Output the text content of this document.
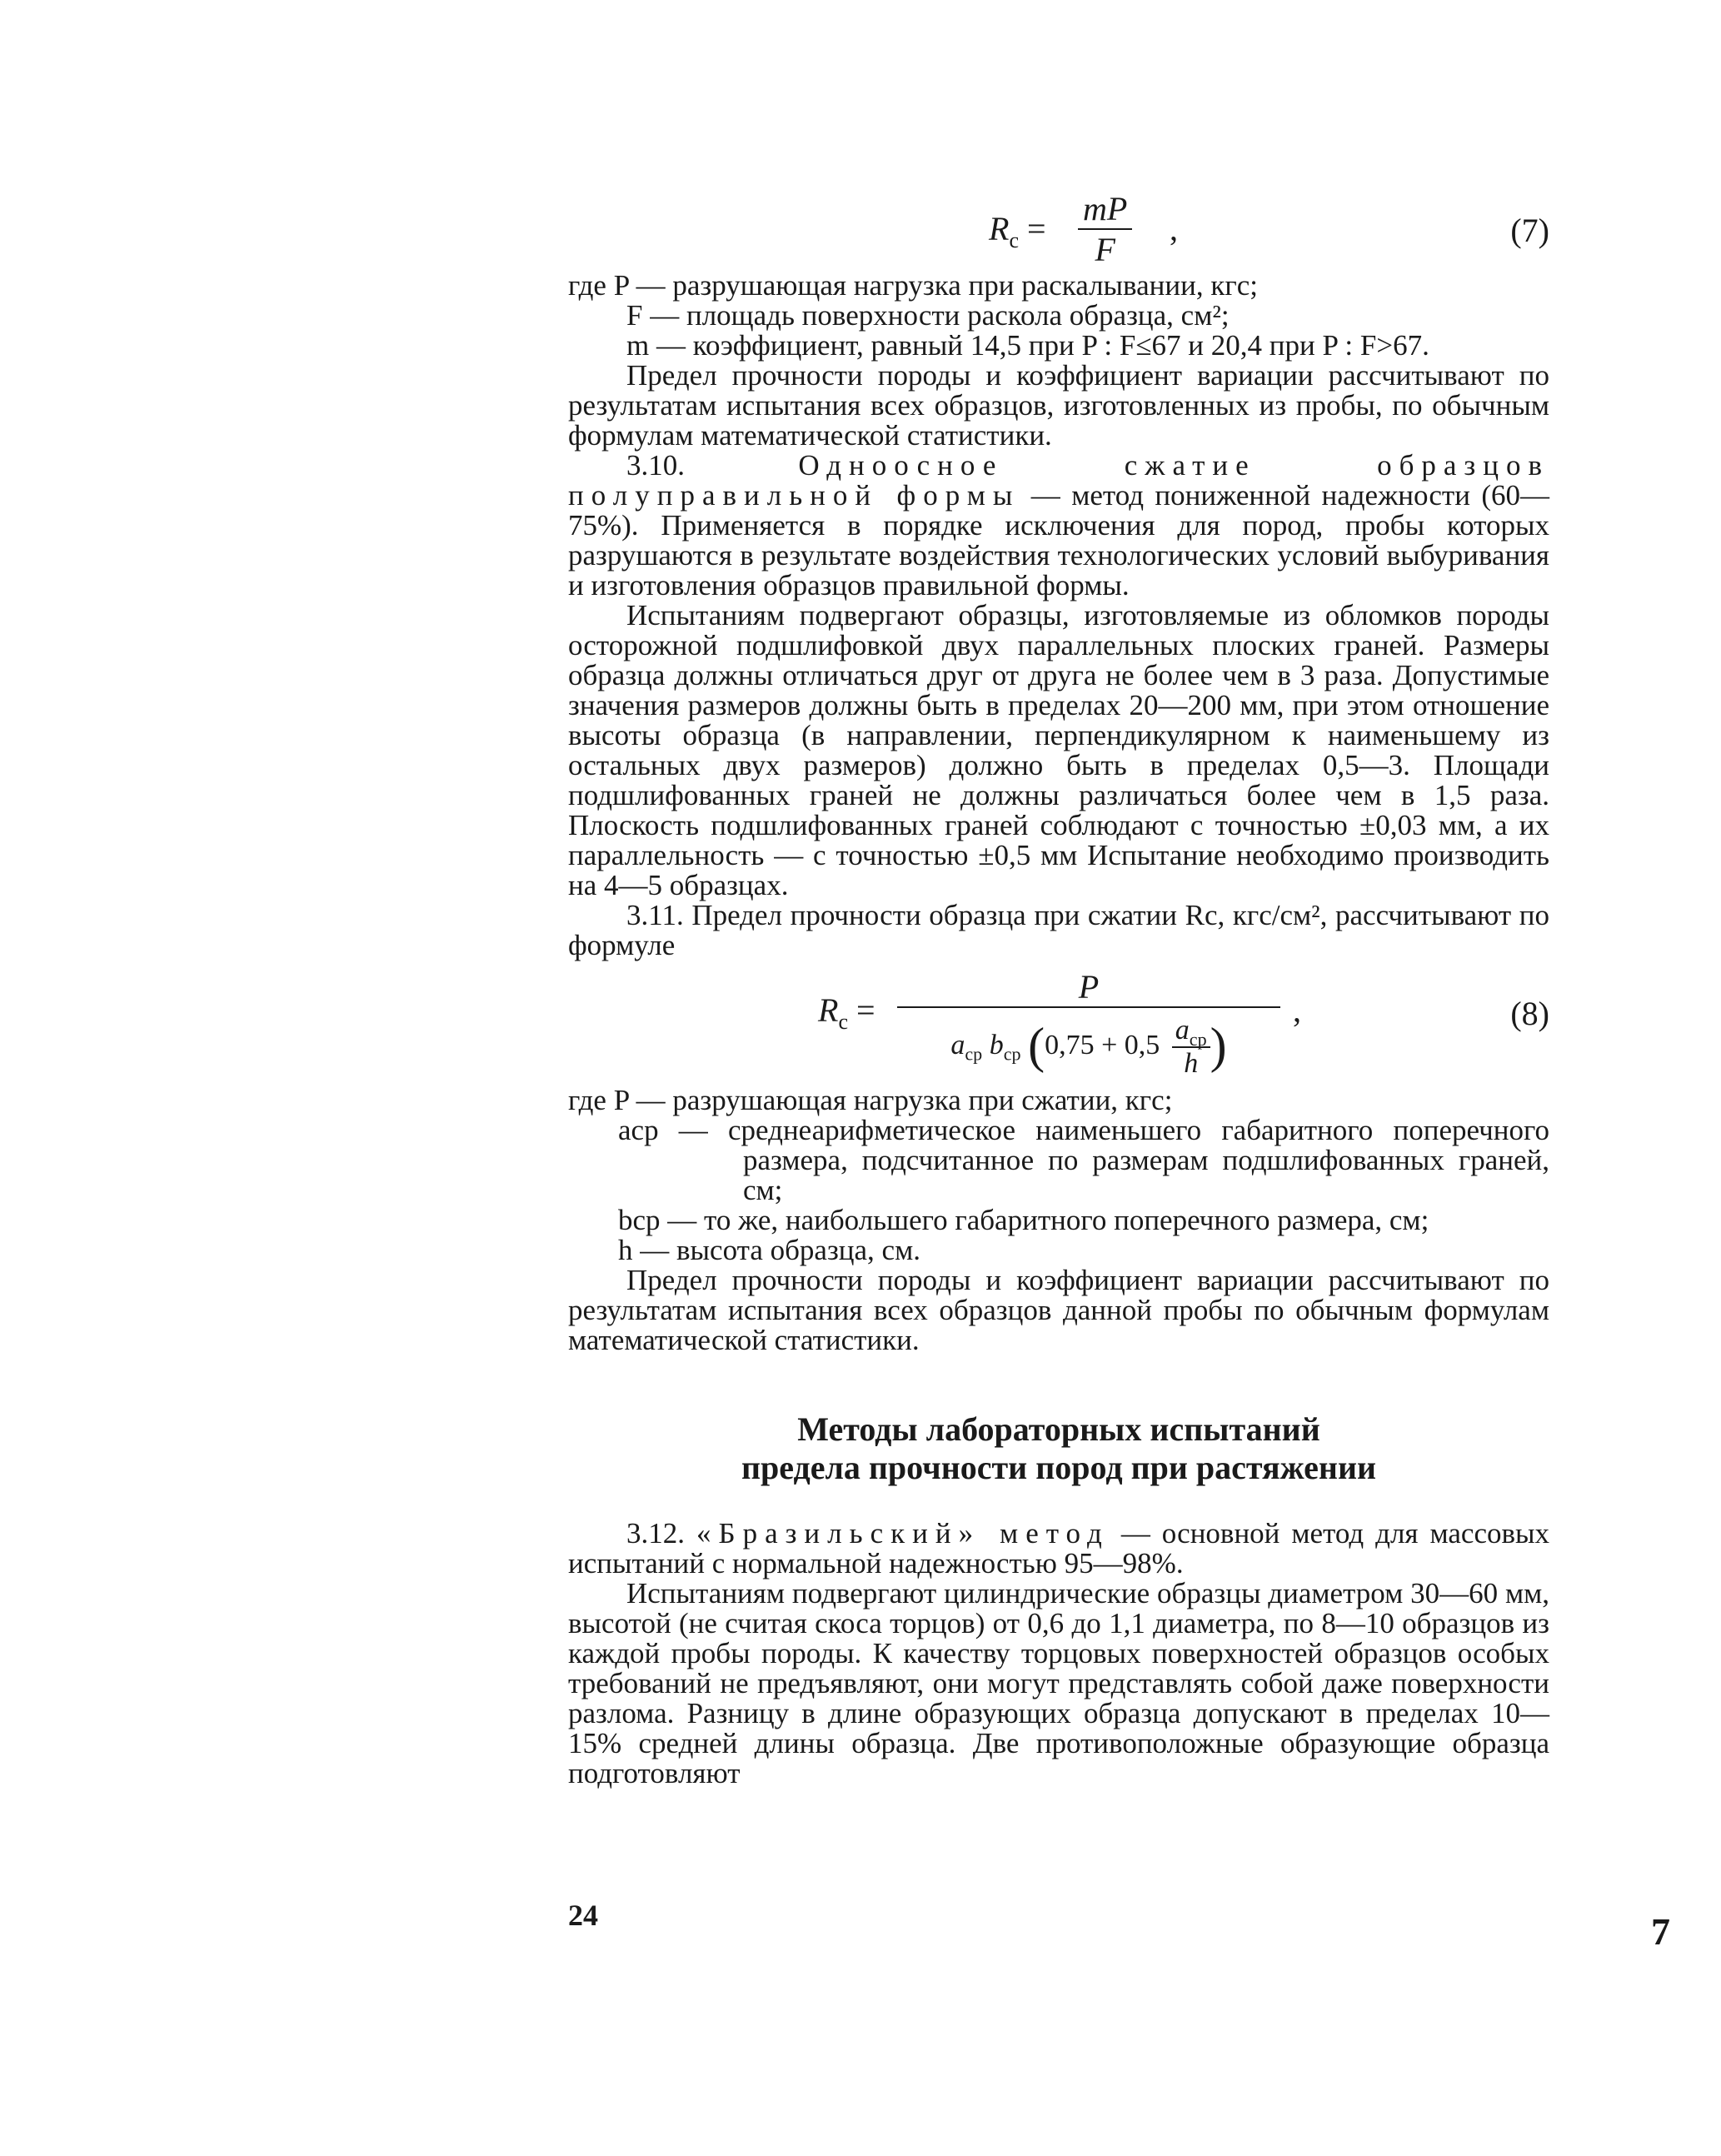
$R_с = \frac{mP}{F}$ ,	(7)

где P — разрушающая нагрузка при раскалывании, кгс;

F — площадь поверхности раскола образца, см²;

m — коэффициент, равный 14,5 при P : F≤67 и 20,4 при P : F>67.

Предел прочности породы и коэффициент вариации рассчитывают по результатам испытания всех образцов, изготовленных из пробы, по обычным формулам математической статистики.

3.10.	Одноосное сжатие образцов полуправильной формы — метод пониженной надежности (60—75%). Применяется в порядке исключения для пород, пробы которых разрушаются в результате воздействия технологических условий выбуривания и изготовления образцов правильной формы.

Испытаниям подвергают образцы, изготовляемые из обломков породы осторожной подшлифовкой двух параллельных плоских граней. Размеры образца должны отличаться друг от друга не более чем в 3 раза. Допустимые значения размеров должны быть в пределах 20—200 мм, при этом отношение высоты образца (в направлении, перпендикулярном к наименьшему из остальных двух размеров) должно быть в пределах 0,5—3. Площади подшлифованных граней не должны различаться более чем в 1,5 раза. Плоскость подшлифованных граней соблюдают с точностью ±0,03 мм, а их параллельность — с точностью ±0,5 мм Испытание необходимо производить на 4—5 образцах.

3.11. Предел прочности образца при сжатии Rс, кгс/см², рассчитывают по формуле

$R_с$ =
P
$a_{ср}$ $b_{ср}$ (0,75 + 0,5 $a_{ср}$
h )
,	(8)

где P — разрушающая нагрузка при сжатии, кгс;

aср — среднеарифметическое наименьшего габаритного поперечного размера, подсчитанное по размерам подшлифованных граней, см;

bср — то же, наибольшего габаритного поперечного размера, см;

h — высота образца, см.

Предел прочности породы и коэффициент вариации рассчитывают по результатам испытания всех образцов данной пробы по обычным формулам математической статистики.

Методы лабораторных испытаний
предела прочности пород при растяжении

3.12. «Бразильский» метод — основной метод для массовых испытаний с нормальной надежностью 95—98%.

Испытаниям подвергают цилиндрические образцы диаметром 30—60 мм, высотой (не считая скоса торцов) от 0,6 до 1,1 диаметра, по 8—10 образцов из каждой пробы породы. К качеству торцовых поверхностей образцов особых требований не предъявляют, они могут представлять собой даже поверхности разлома. Разницу в длине образующих образца допускают в пределах 10—15% средней длины образца. Две противоположные образующие образца подготовляют

24	7
